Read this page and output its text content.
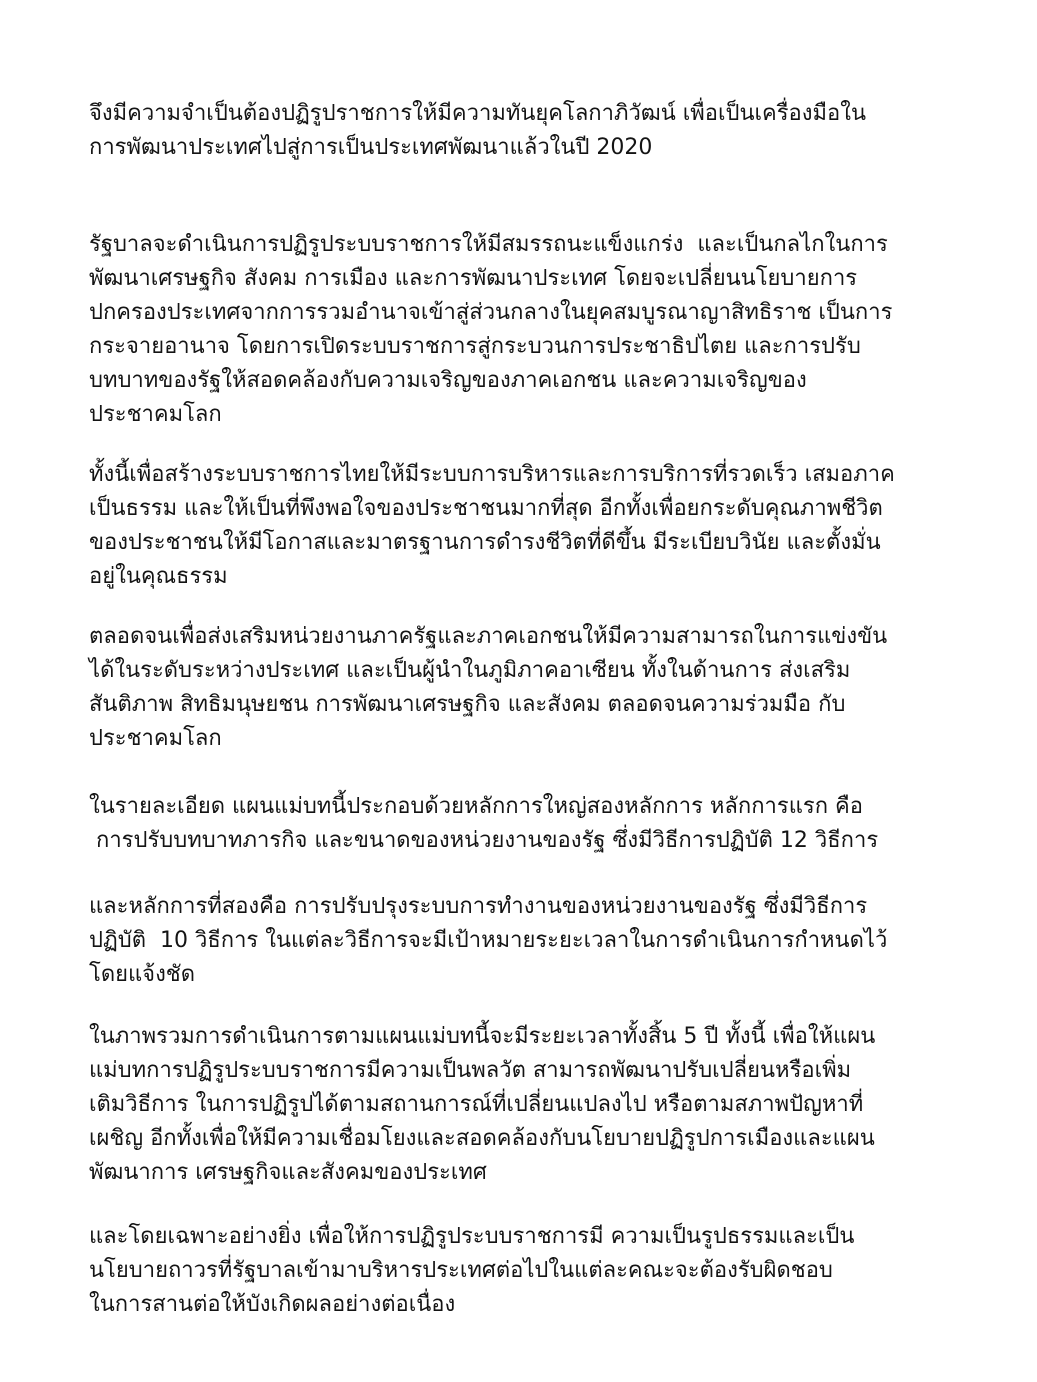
จึงมีความจำเป็นต้องปฏิรูปราชการให้มีความทันยุคโลกาภิวัฒน์ เพื่อเป็นเครื่องมือใน
การพัฒนาประเทศไปสู่การเป็นประเทศพัฒนาแล้วในปี 2020

รัฐบาลจะดำเนินการปฏิรูประบบราชการให้มีสมรรถนะแข็งแกร่ง  และเป็นกลไกในการ
พัฒนาเศรษฐกิจ สังคม การเมือง และการพัฒนาประเทศ โดยจะเปลี่ยนนโยบายการ
ปกครองประเทศจากการรวมอำนาจเข้าสู่ส่วนกลางในยุคสมบูรณาญาสิทธิราช เป็นการ
กระจายอานาจ โดยการเปิดระบบราชการสู่กระบวนการประชาธิปไตย และการปรับ
บทบาทของรัฐให้สอดคล้องกับความเจริญของภาคเอกชน และความเจริญของ
ประชาคมโลก

ทั้งนี้เพื่อสร้างระบบราชการไทยให้มีระบบการบริหารและการบริการที่รวดเร็ว เสมอภาค
เป็นธรรม และให้เป็นที่พึงพอใจของประชาชนมากที่สุด อีกทั้งเพื่อยกระดับคุณภาพชีวิต
ของประชาชนให้มีโอกาสและมาตรฐานการดำรงชีวิตที่ดีขึ้น มีระเบียบวินัย และตั้งมั่น
อยู่ในคุณธรรม

ตลอดจนเพื่อส่งเสริมหน่วยงานภาครัฐและภาคเอกชนให้มีความสามารถในการแข่งขัน
ได้ในระดับระหว่างประเทศ และเป็นผู้นำในภูมิภาคอาเซียน ทั้งในด้านการ ส่งเสริม
สันติภาพ สิทธิมนุษยชน การพัฒนาเศรษฐกิจ และสังคม ตลอดจนความร่วมมือ กับ
ประชาคมโลก

ในรายละเอียด แผนแม่บทนี้ประกอบด้วยหลักการใหญ่สองหลักการ หลักการแรก คือ
การปรับบทบาทภารกิจ และขนาดของหน่วยงานของรัฐ ซึ่งมีวิธีการปฏิบัติ 12 วิธีการ

และหลักการที่สองคือ การปรับปรุงระบบการทำงานของหน่วยงานของรัฐ ซึ่งมีวิธีการ
ปฏิบัติ  10 วิธีการ ในแต่ละวิธีการจะมีเป้าหมายระยะเวลาในการดำเนินการกำหนดไว้
โดยแจ้งชัด

ในภาพรวมการดำเนินการตามแผนแม่บทนี้จะมีระยะเวลาทั้งสิ้น 5 ปี ทั้งนี้ เพื่อให้แผน
แม่บทการปฏิรูประบบราชการมีความเป็นพลวัต สามารถพัฒนาปรับเปลี่ยนหรือเพิ่ม
เติมวิธีการ ในการปฏิรูปได้ตามสถานการณ์ที่เปลี่ยนแปลงไป หรือตามสภาพปัญหาที่
เผชิญ อีกทั้งเพื่อให้มีความเชื่อมโยงและสอดคล้องกับนโยบายปฏิรูปการเมืองและแผน
พัฒนาการ เศรษฐกิจและสังคมของประเทศ

และโดยเฉพาะอย่างยิ่ง เพื่อให้การปฏิรูประบบราชการมี ความเป็นรูปธรรมและเป็น
นโยบายถาวรที่รัฐบาลเข้ามาบริหารประเทศต่อไปในแต่ละคณะจะต้องรับผิดชอบ
ในการสานต่อให้บังเกิดผลอย่างต่อเนื่อง
